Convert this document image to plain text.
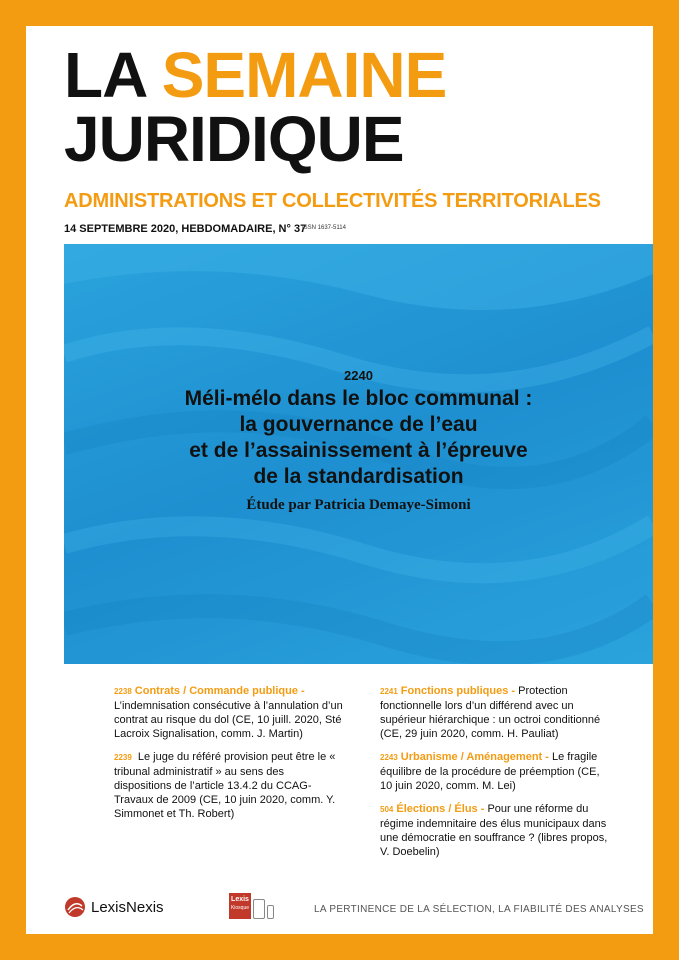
LA SEMAINE
JURIDIQUE
ADMINISTRATIONS ET COLLECTIVITÉS TERRITORIALES
14 SEPTEMBRE 2020, HEBDOMADAIRE, N° 37
ISSN 1637-5114
2240
Méli-mélo dans le bloc communal :
la gouvernance de l’eau
et de l’assainissement à l’épreuve
de la standardisation
Étude par Patricia Demaye-Simoni
2238 Contrats / Commande publique - L’indemnisation consécutive à l’annulation d’un contrat au risque du dol (CE, 10 juill. 2020, Sté Lacroix Signalisation, comm. J. Martin)
2239 Le juge du référé provision peut être le « tribunal administratif » au sens des dispositions de l’article 13.4.2 du CCAG-Travaux de 2009 (CE, 10 juin 2020, comm. Y. Simmonet et Th. Robert)
2241 Fonctions publiques - Protection fonctionnelle lors d’un différend avec un supérieur hiérarchique : un octroi conditionné (CE, 29 juin 2020, comm. H. Pauliat)
2243 Urbanisme / Aménagement - Le fragile équilibre de la procédure de préemption (CE, 10 juin 2020, comm. M. Lei)
504 Élections / Élus - Pour une réforme du régime indemnitaire des élus municipaux dans une démocratie en souffrance ? (libres propos, V. Doebelin)
LexisNexis	Lexis
Kiosque	LA PERTINENCE DE LA SÉLECTION, LA FIABILITÉ DES ANALYSES
